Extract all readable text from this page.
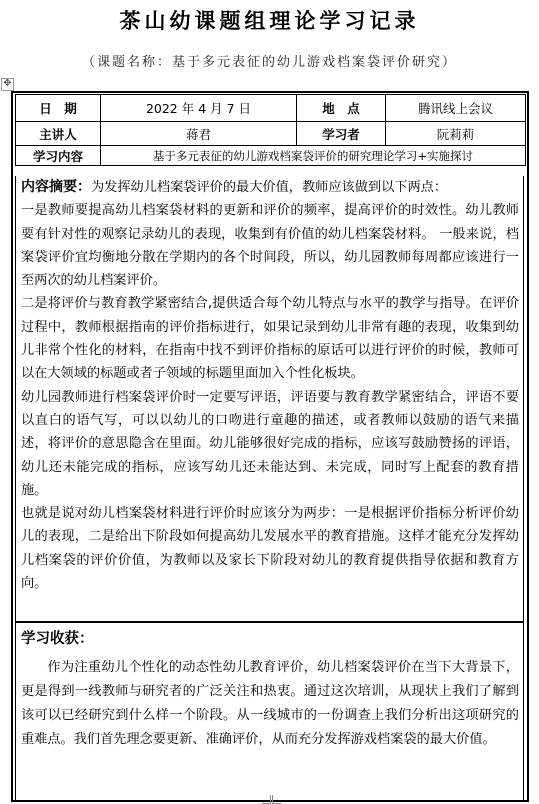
茶山幼课题组理论学习记录
（课题名称：基于多元表征的幼儿游戏档案袋评价研究）
✥
日　期	2022 年 4 月 7 日	地　点	腾讯线上会议
主讲人	蒋君	学习者	阮莉莉
学习内容	基于多元表征的幼儿游戏档案袋评价的研究理论学习+实施探讨		

内容摘要：为发挥幼儿档案袋评价的最大价值，教师应该做到以下两点：

一是教师要提高幼儿档案袋材料的更新和评价的频率，提高评价的时效性。幼儿教师要有针对性的观察记录幼儿的表现，收集到有价值的幼儿档案袋材料。 一般来说，档案袋评价宜均衡地分散在学期内的各个时间段，所以，幼儿园教师每周都应该进行一至两次的幼儿档案评价。

二是将评价与教育教学紧密结合,提供适合每个幼儿特点与水平的教学与指导。在评价过程中，教师根据指南的评价指标进行，如果记录到幼儿非常有趣的表现，收集到幼儿非常个性化的材料，在指南中找不到评价指标的原话可以进行评价的时候，教师可以在大领域的标题或者子领域的标题里面加入个性化板块。

幼儿园教师进行档案袋评价时一定要写评语，评语要与教育教学紧密结合，评语不要以直白的语气写，可以以幼儿的口吻进行童趣的描述，或者教师以鼓励的语气来描述，将评价的意思隐含在里面。幼儿能够很好完成的指标，应该写鼓励赞扬的评语，幼儿还未能完成的指标，应该写幼儿还未能达到、未完成，同时写上配套的教育措施。

也就是说对幼儿档案袋材料进行评价时应该分为两步：一是根据评价指标分析评价幼儿的表现，二是给出下阶段如何提高幼儿发展水平的教育措施。这样才能充分发挥幼儿档案袋的评价价值，为教师以及家长下阶段对幼儿的教育提供指导依据和教育方向。

学习收获：

作为注重幼儿个性化的动态性幼儿教育评价，幼儿档案袋评价在当下大背景下，更是得到一线教师与研究者的广泛关注和热衷。通过这次培训，从现状上我们了解到该可以已经研究到什么样一个阶段。从一线城市的一份调查上我们分析出这项研究的重难点。我们首先理念要更新、准确评价，从而充分发挥游戏档案袋的最大价值。
